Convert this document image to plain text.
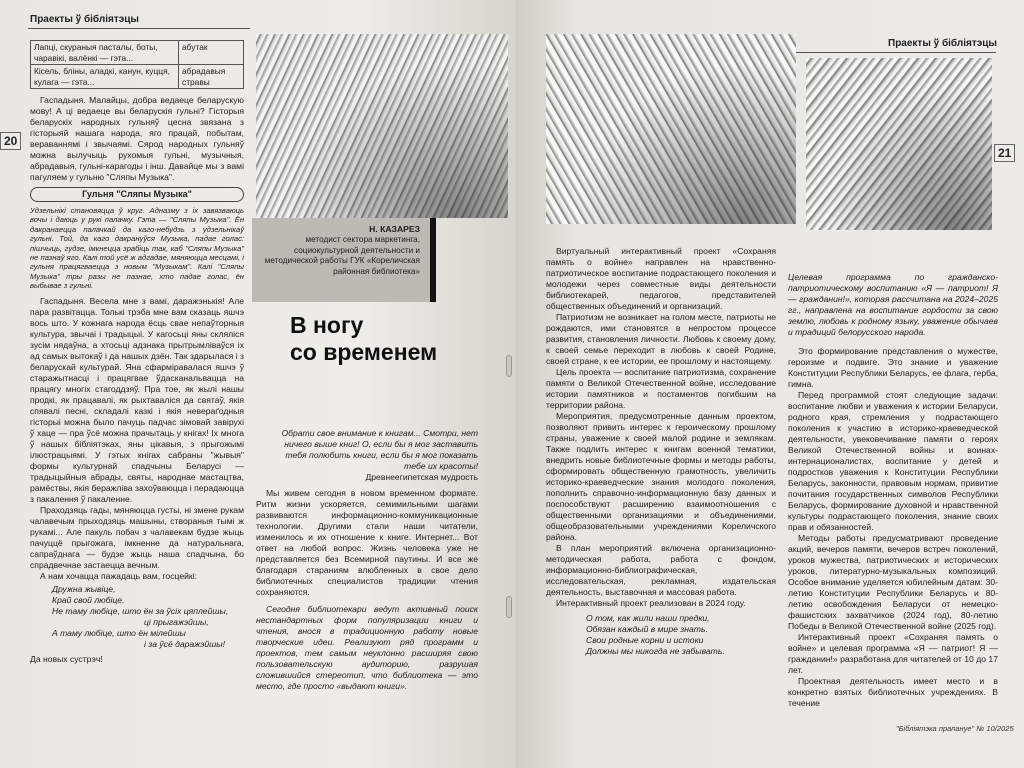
Праекты ў бібліятэцы
20
Лапці, скураныя пасталы, боты, чаравікі, валёнкі — гэта...	абутак
Кісель, бліны, аладкі, канун, куцця, кулага — гэта...	абрадавыя стравы

Гаспадыня. Малайцы, добра ведаеце беларускую мову! А ці ведаеце вы беларускія гульні? Гісторыя беларускіх народных гульняў цесна звязана з гісторыяй нашага народа, яго працай, побытам, вераваннямі і звычаямі. Сярод народных гульняў можна вылучыць рухомыя гульні, музычныя, абрадавыя, гульні-карагоды і інш. Давайце мы з вамі пагуляем у гульню "Сляпы Музыка".

Гульня "Сляпы Музыка"

Удзельнікі становяцца ў круг. Адназму з іх завязваюць вочы і даюць у рукі палачку. Гэта — "Сляпы Музыка". Ён дакранаецца палачкай да каго-небудзь з удзельнікаў гульні. Той, да каго дакрануўся Музыка, падае голас: пішчыць, гудзе, імкнецца зрабіць так, каб "Сляпы Музыка" не пазнаў яго. Калі той усё ж адгадае, мяняюцца месцамі, і гульня працягваецца з новым "Музыкам". Калі "Сляпы Музыка" тры разы не пазнае, хто падае голас, ён выбывае з гульні.

Гаспадыня. Весела мне з вамі, даражэнькія! Але пара развітацца. Толькі трэба мне вам сказаць яшчэ вось што. У кожнага народа ёсць свае непаўторныя культура, звычаі і традыцыі. У кагосьці яны скляліся зусім нядаўна, а хтосьці адзнака прытрымліваўся іх ад самых вытокаў і да нашых дзён. Так здарылася і з беларускай культурай. Яна сфарміравалася яшчэ ў старажытнасці і працягвае ўдасканальвацца на працягу многіх стагоддзяў. Пра тое, як жылі нашы продкі, як працавалі, як рыхтаваліся да святаў, якія спявалі песні, складалі казкі і якія невераґодныя гісторыі можна было пачуць падчас зімовай завірухі ў хаце — пра ўсё можна прачытаць у кнігах! Іх многа ў нашых бібліятэках, яны цікавыя, з прыгожымі ілюстрацыямі. У гэтых кнігах сабраны "жывыя" формы культурнай спадчыны Беларусі — традыцыйныя абрады, святы, народнае мастацтва, рамёствы, якія беражліва захоўваюцца і перадаюцца з пакалення ў пакаленне.

Праходзяць гады, мяняюцца густы, ні змене рукам чалавечым прыходзяць машыны, створаныя тымі ж рукамі... Але пакуль побач з чалавекам будзе жыць пачуццё прыгожага, імкненне да натуральнага, сапраўднага — будзе жыць наша спадчына, бо спрадвечнае застаецца вечным.

А нам хочацца пажадаць вам, госцейкі:

Дружна жывіце,
Край свой любіце.
Не таму любіце, што ён за ўсіх цяплейшы,
ці прыгажэйшы,
А таму любіце, што ён мілейшы
і за ўсё даражэйшы!

Да новых сустрэч!

Н. КАЗАРЕЗ
методист сектора маркетинга, социокультурной деятельности и методической работы ГУК «Кореличская районная библиотека»
В ногу
со временем

Обрати свое внимание к книгам... Смотри, нет ничего выше книг! О, если бы я мог заставить тебя полюбить книги, если бы я мог показать тебе их красоты!

Древнеегипетская мудрость

Мы живем сегодня в новом временном формате. Ритм жизни ускоряется, семимильными шагами развиваются информационно-коммуникационные технологии. Другими стали наши читатели, изменилось и их отношение к книге. Интернет... Вот ответ на любой вопрос. Жизнь человека уже не представляется без Всемирной паутины. И все же благодаря стараниям влюбленных в свое дело библиотечных специалистов традиции чтения сохраняются.

Сегодня библиотекари ведут активный поиск нестандартных форм популяризации книги и чтения, внося в традиционную работу новые творческие идеи. Реализуют ряд программ и проектов, тем самым неуклонно расширяя свою пользовательскую аудиторию, разрушая сложившийся стереотип, что библиотека — это место, где просто «выдают книги».

Праекты ў бібліятэцы
21

Виртуальный интерактивный проект «Сохраняя память о войне» направлен на нравственно-патриотическое воспитание подрастающего поколения и молодежи через совместные виды деятельности библиотекарей, педагогов, представителей общественных объединений и организаций.

Патриотизм не возникает на голом месте, патриоты не рождаются, ими становятся в непростом процессе развития, становления личности. Любовь к своему дому, к своей семье переходит в любовь к своей Родине, своей стране, к ее истории, ее прошлому и настоящему.

Цель проекта — воспитание патриотизма, сохранение памяти о Великой Отечественной войне, исследование истории памятников и постаментов погибшим на территории района.

Мероприятия, предусмотренные данным проектом, позволяют привить интерес к героическому прошлому страны, уважение к своей малой родине и землякам. Также подлить интерес к книгам военной тематики, внедрить новые библиотечные формы и методы работы, сформировать общественную грамотность, увеличить историко-краеведческие знания молодого поколения, пополнить справочно-информационную базу данных и поспособствуют расширению взаимоотношения с общественными организациями и объединениями, общеобразовательными учреждениями Кореличского района.

В план мероприятий включена организационно-методическая работа, работа с фондом, информационно-библиографическая, исследовательская, рекламная, издательская деятельность, выставочная и массовая работа.

Интерактивный проект реализован в 2024 году.

О том, как жили наши предки,
Обязан каждый в мире знать.
Свои родные корни и истоки
Должны мы никогда не забывать.

Целевая программа по гражданско-патриотическому воспитанию «Я — патриот! Я — гражданин!», которая рассчитана на 2024–2025 гг., направлена на воспитание гордости за свою землю, любовь к родному языку, уважение обычаев и традиций белорусского народа.

Это формирование представления о мужестве, героизме и подвиге. Это знание и уважение Конституции Республики Беларусь, ее флага, герба, гимна.

Перед программой стоят следующие задачи: воспитание любви и уважения к истории Беларуси, родного края, стремления у подрастающего поколения к участию в историко-краеведческой деятельности, увековечивание памяти о героях Великой Отечественной войны и воинах-интернационалистах, воспитание у детей и подростков уважения к Конституции Республики Беларусь, законности, правовым нормам, привитие почитания государственных символов Республики Беларусь, формирование духовной и нравственной культуры подрастающего поколения, знание своих прав и обязанностей.

Методы работы предусматривают проведение акций, вечеров памяти, вечеров встреч поколений, уроков мужества, патриотических и исторических уроков, литературно-музыкальных композиций. Особое внимание уделяется юбилейным датам: 30-летию Конституции Республики Беларусь и 80-летию освобождения Беларуси от немецко-фашистских захватчиков (2024 год), 80-летию Победы в Великой Отечественной войне (2025 год).

Интерактивный проект «Сохраняя память о войне» и целевая программа «Я — патриот! Я — гражданин!» разработана для читателей от 10 до 17 лет.

Проектная деятельность имеет место и в конкретно взятых библиотечных учреждениях. В течение

"Бібліятэка прапануе" № 10/2025
